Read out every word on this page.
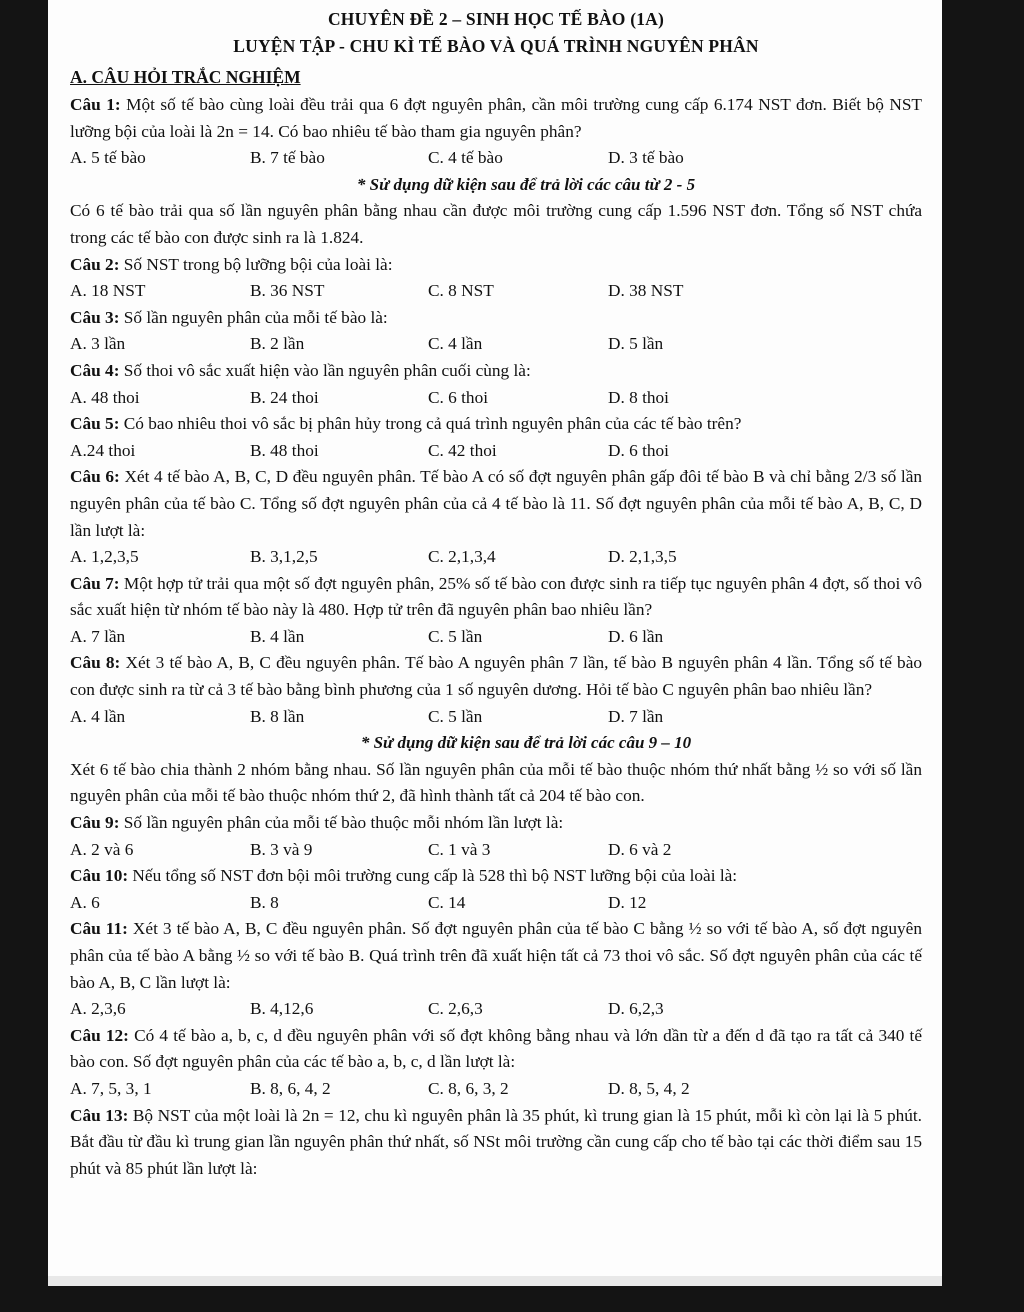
CHUYÊN ĐỀ 2 – SINH HỌC TẾ BÀO (1A)
LUYỆN TẬP - CHU KÌ TẾ BÀO VÀ QUÁ TRÌNH NGUYÊN PHÂN
A. CÂU HỎI TRẮC NGHIỆM

Câu 1: Một số tế bào cùng loài đều trải qua 6 đợt nguyên phân, cần môi trường cung cấp 6.174 NST đơn. Biết bộ NST lưỡng bội của loài là 2n = 14. Có bao nhiêu tế bào tham gia nguyên phân?

A. 5 tế bào	B. 7 tế bào	C. 4 tế bào	D. 3 tế bào
* Sử dụng dữ kiện sau để trả lời các câu từ 2 - 5

Có 6 tế bào trải qua số lần nguyên phân bằng nhau cần được môi trường cung cấp 1.596 NST đơn. Tổng số NST chứa trong các tế bào con được sinh ra là 1.824.

Câu 2: Số NST trong bộ lưỡng bội của loài là:

A. 18 NST	B. 36 NST	C. 8 NST	D. 38 NST

Câu 3: Số lần nguyên phân của mỗi tế bào là:

A. 3 lần	B. 2 lần	C. 4 lần	D. 5 lần

Câu 4: Số thoi vô sắc xuất hiện vào lần nguyên phân cuối cùng là:

A. 48 thoi	B. 24 thoi	C. 6 thoi	D. 8 thoi

Câu 5: Có bao nhiêu thoi vô sắc bị phân hủy trong cả quá trình nguyên phân của các tế bào trên?

A.24 thoi	B. 48 thoi	C. 42 thoi	D. 6 thoi

Câu 6: Xét 4 tế bào A, B, C, D đều nguyên phân. Tế bào A có số đợt nguyên phân gấp đôi tế bào B và chỉ bằng 2/3 số lần nguyên phân của tế bào C. Tổng số đợt nguyên phân của cả 4 tế bào là 11. Số đợt nguyên phân của mỗi tế bào A, B, C, D lần lượt là:

A. 1,2,3,5	B. 3,1,2,5	C. 2,1,3,4	D. 2,1,3,5

Câu 7: Một hợp tử trải qua một số đợt nguyên phân, 25% số tế bào con được sinh ra tiếp tục nguyên phân 4 đợt, số thoi vô sắc xuất hiện từ nhóm tế bào này là 480. Hợp tử trên đã nguyên phân bao nhiêu lần?

A. 7 lần	B. 4 lần	C. 5 lần	D. 6 lần

Câu 8: Xét 3 tế bào A, B, C đều nguyên phân. Tế bào A nguyên phân 7 lần, tế bào B nguyên phân 4 lần. Tổng số tế bào con được sinh ra từ cả 3 tế bào bằng bình phương của 1 số nguyên dương. Hỏi tế bào C nguyên phân bao nhiêu lần?

A. 4 lần	B. 8 lần	C. 5 lần	D. 7 lần
* Sử dụng dữ kiện sau để trả lời các câu 9 – 10

Xét 6 tế bào chia thành 2 nhóm bằng nhau. Số lần nguyên phân của mỗi tế bào thuộc nhóm thứ nhất bằng ½ so với số lần nguyên phân của mỗi tế bào thuộc nhóm thứ 2, đã hình thành tất cả 204 tế bào con.

Câu 9: Số lần nguyên phân của mỗi tế bào thuộc mỗi nhóm lần lượt là:

A. 2 và 6	B. 3 và 9	C. 1 và 3	D. 6 và 2

Câu 10: Nếu tổng số NST đơn bội môi trường cung cấp là 528 thì bộ NST lưỡng bội của loài là:

A. 6	B. 8	C. 14	D. 12

Câu 11: Xét 3 tế bào A, B, C đều nguyên phân. Số đợt nguyên phân của tế bào C bằng ½ so với tế bào A, số đợt nguyên phân của tế bào A bằng ½ so với tế bào B. Quá trình trên đã xuất hiện tất cả 73 thoi vô sắc. Số đợt nguyên phân của các tế bào A, B, C lần lượt là:

A. 2,3,6	B. 4,12,6	C. 2,6,3	D. 6,2,3

Câu 12: Có 4 tế bào a, b, c, d đều nguyên phân với số đợt không bằng nhau và lớn dần từ a đến d đã tạo ra tất cả 340 tế bào con. Số đợt nguyên phân của các tế bào a, b, c, d lần lượt là:

A. 7, 5, 3, 1	B. 8, 6, 4, 2	C. 8, 6, 3, 2	D. 8, 5, 4, 2

Câu 13: Bộ NST của một loài là 2n = 12, chu kì nguyên phân là 35 phút, kì trung gian là 15 phút, mỗi kì còn lại là 5 phút. Bắt đầu từ đầu kì trung gian lần nguyên phân thứ nhất, số NSt môi trường cần cung cấp cho tế bào tại các thời điểm sau 15 phút và 85 phút lần lượt là:
